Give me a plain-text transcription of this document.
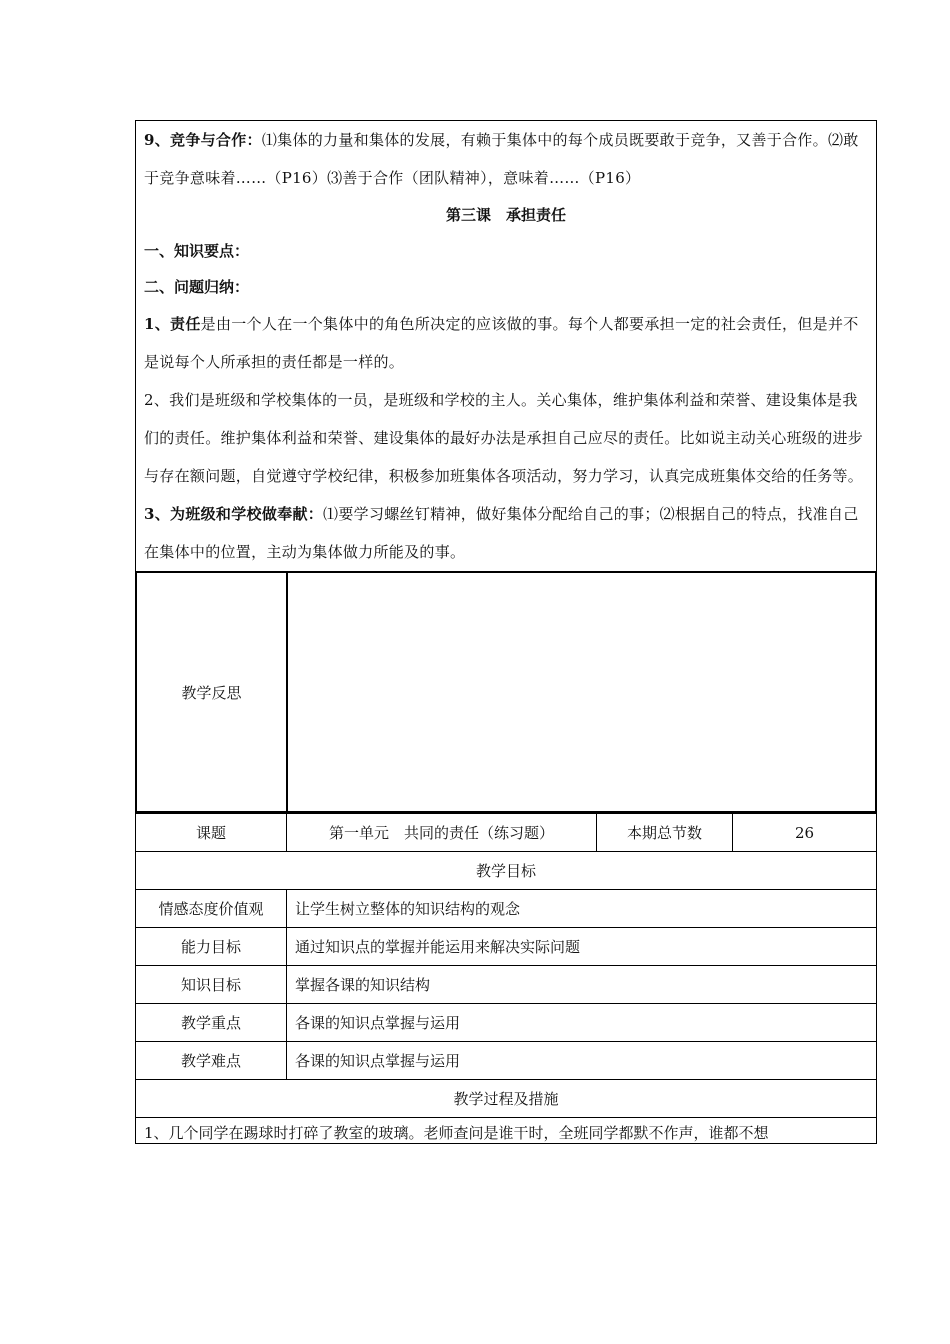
9、竞争与合作：⑴集体的力量和集体的发展，有赖于集体中的每个成员既要敢于竞争，又善于合作。⑵敢于竞争意味着……（P16）⑶善于合作（团队精神），意味着……（P16）
第三课　承担责任
一、知识要点：
二、问题归纳：
1、责任是由一个人在一个集体中的角色所决定的应该做的事。每个人都要承担一定的社会责任，但是并不是说每个人所承担的责任都是一样的。
2、我们是班级和学校集体的一员，是班级和学校的主人。关心集体，维护集体利益和荣誉、建设集体是我们的责任。维护集体利益和荣誉、建设集体的最好办法是承担自己应尽的责任。比如说主动关心班级的进步与存在额问题，自觉遵守学校纪律，积极参加班集体各项活动，努力学习，认真完成班集体交给的任务等。
3、为班级和学校做奉献：⑴要学习螺丝钉精神，做好集体分配给自己的事；⑵根据自己的特点，找准自己在集体中的位置，主动为集体做力所能及的事。
教学反思	
课题	第一单元　共同的责任（练习题）	本期总节数	26
教学目标			
情感态度价值观	让学生树立整体的知识结构的观念		
能力目标	通过知识点的掌握并能运用来解决实际问题		
知识目标	掌握各课的知识结构		
教学重点	各课的知识点掌握与运用		
教学难点	各课的知识点掌握与运用		
教学过程及措施			
1、几个同学在踢球时打碎了教室的玻璃。老师查问是谁干时，全班同学都默不作声，谁都不想			
